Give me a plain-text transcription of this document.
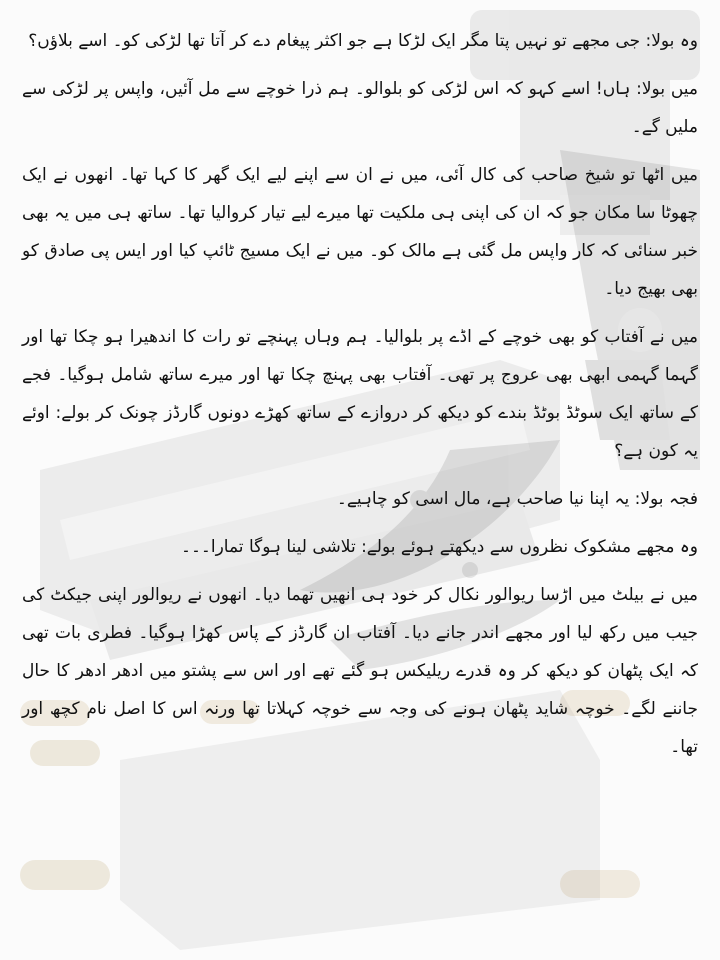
وہ بولا: جی مجھے تو نہیں پتا مگر ایک لڑکا ہے جو اکثر پیغام دے کر آتا تھا لڑکی کو۔ اسے بلاؤں؟

میں بولا: ہاں! اسے کہو کہ اس لڑکی کو بلوالو۔ ہم ذرا خوچے سے مل آئیں، واپس پر لڑکی سے ملیں گے۔

میں اٹھا تو شیخ صاحب کی کال آئی، میں نے ان سے اپنے لیے ایک گھر کا کہا تھا۔ انھوں نے ایک چھوٹا سا مکان جو کہ ان کی اپنی ہی ملکیت تھا میرے لیے تیار کروالیا تھا۔ ساتھ ہی میں یہ بھی خبر سنائی کہ کار واپس مل گئی ہے مالک کو۔ میں نے ایک مسیج ٹائپ کیا اور ایس پی صادق کو بھی بھیج دیا۔

میں نے آفتاب کو بھی خوچے کے اڈے پر بلوالیا۔ ہم وہاں پہنچے تو رات کا اندھیرا ہو چکا تھا اور گہما گہمی ابھی بھی عروج پر تھی۔ آفتاب بھی پہنچ چکا تھا اور میرے ساتھ شامل ہوگیا۔ فجے کے ساتھ ایک سوٹڈ بوٹڈ بندے کو دیکھ کر دروازے کے ساتھ کھڑے دونوں گارڈز چونک کر بولے: اوئے یہ کون ہے؟

فجہ بولا: یہ اپنا نیا صاحب ہے، مال اسی کو چاہیے۔

وہ مجھے مشکوک نظروں سے دیکھتے ہوئے بولے: تلاشی لینا ہوگا تمارا۔۔۔

میں نے بیلٹ میں اڑسا ریوالور نکال کر خود ہی انھیں تھما دیا۔ انھوں نے ریوالور اپنی جیکٹ کی جیب میں رکھ لیا اور مجھے اندر جانے دیا۔ آفتاب ان گارڈز کے پاس کھڑا ہوگیا۔ فطری بات تھی کہ ایک پٹھان کو دیکھ کر وہ قدرے ریلیکس ہو گئے تھے اور اس سے پشتو میں ادھر ادھر کا حال جاننے لگے۔ خوچہ شاید پٹھان ہونے کی وجہ سے خوچہ کہلاتا تھا ورنہ اس کا اصل نام کچھ اور تھا۔
